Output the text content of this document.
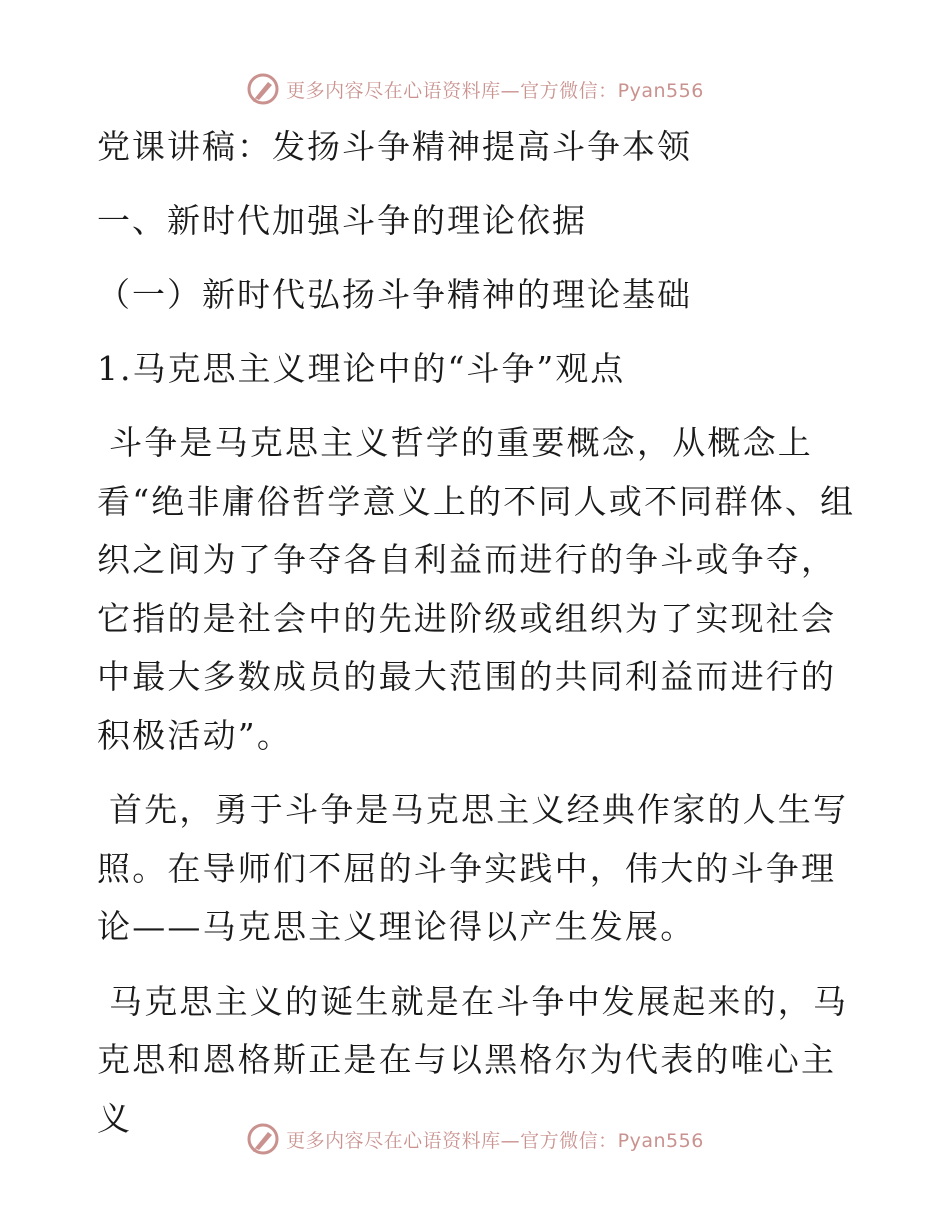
更多内容尽在心语资料库—官方微信：Pyan556

党课讲稿：发扬斗争精神提高斗争本领

一、新时代加强斗争的理论依据

（一）新时代弘扬斗争精神的理论基础

1.马克思主义理论中的“斗争”观点

斗争是马克思主义哲学的重要概念，从概念上看“绝非庸俗哲学意义上的不同人或不同群体、组织之间为了争夺各自利益而进行的争斗或争夺，它指的是社会中的先进阶级或组织为了实现社会中最大多数成员的最大范围的共同利益而进行的积极活动”。

首先，勇于斗争是马克思主义经典作家的人生写照。在导师们不屈的斗争实践中，伟大的斗争理论——马克思主义理论得以产生发展。

马克思主义的诞生就是在斗争中发展起来的，马克思和恩格斯正是在与以黑格尔为代表的唯心主义

更多内容尽在心语资料库—官方微信：Pyan556
